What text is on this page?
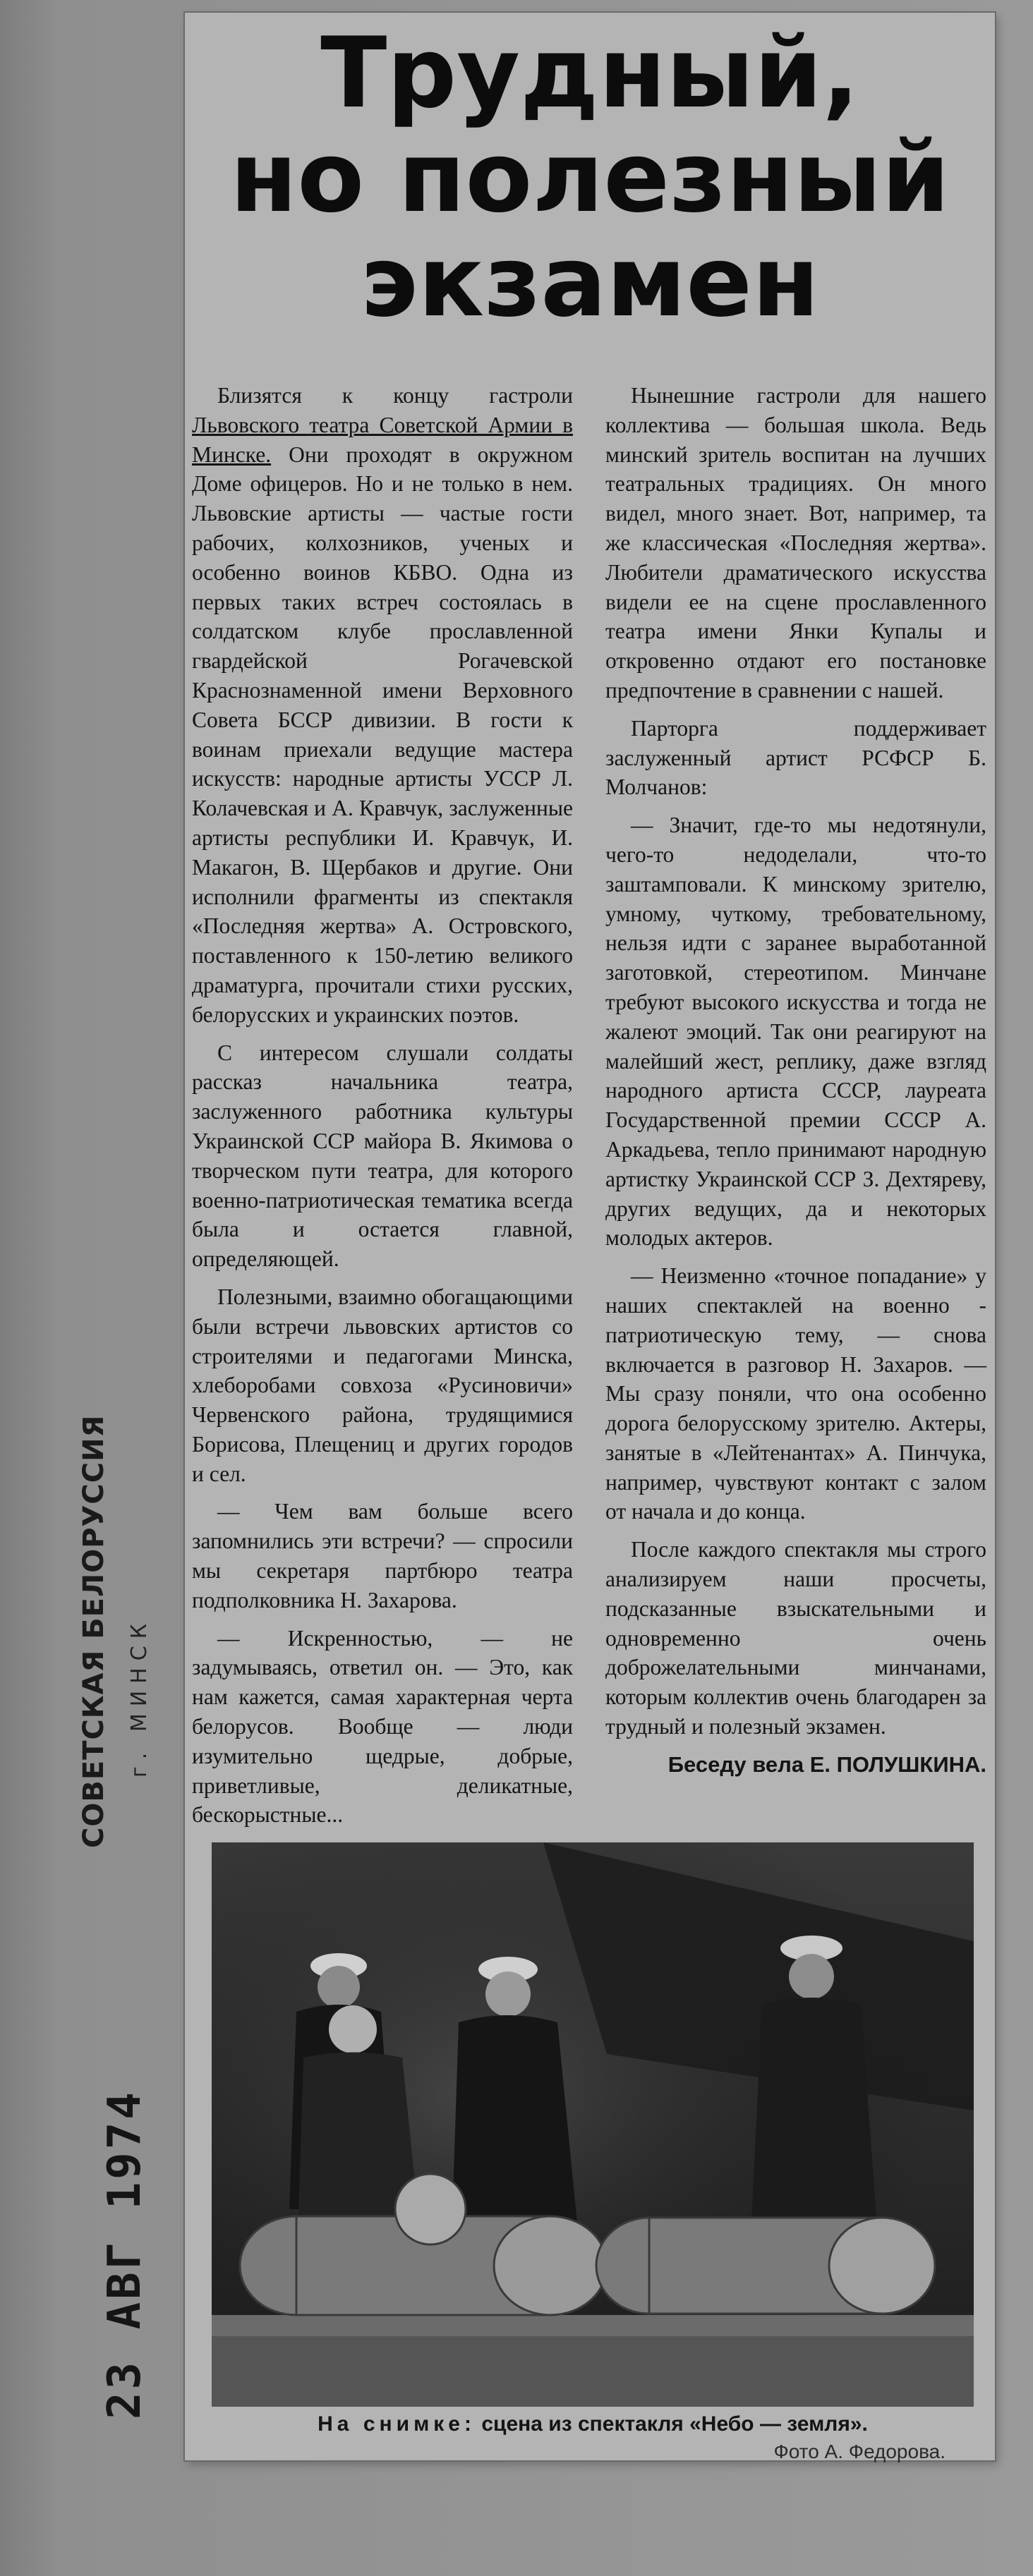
СОВЕТСКАЯ БЕЛОРУССИЯ г. МИНСК
23 АВГ 1974
Трудный,
но полезный
экзамен

Близятся к концу гастроли Львовского театра Советской Армии в Минске. Они проходят в окружном Доме офицеров. Но и не только в нем. Львовские артисты — частые гости рабочих, колхозников, ученых и особенно воинов КБВО. Одна из первых таких встреч состоялась в солдатском клубе прославленной гвардейской Рогачевской Краснознаменной имени Верховного Совета БССР дивизии. В гости к воинам приехали ведущие мастера искусств: народные артисты УССР Л. Колачевская и А. Кравчук, заслуженные артисты республики И. Кравчук, И. Макагон, В. Щербаков и другие. Они исполнили фрагменты из спектакля «Последняя жертва» А. Островского, поставленного к 150-летию великого драматурга, прочитали стихи русских, белорусских и украинских поэтов.

С интересом слушали солдаты рассказ начальника театра, заслуженного работника культуры Украинской ССР майора В. Якимова о творческом пути театра, для которого военно-патриотическая тематика всегда была и остается главной, определяющей.

Полезными, взаимно обогащающими были встречи львовских артистов со строителями и педагогами Минска, хлеборобами совхоза «Русиновичи» Червенского района, трудящимися Борисова, Плещениц и других городов и сел.

— Чем вам больше всего запомнились эти встречи? — спросили мы секретаря партбюро театра подполковника Н. Захарова.

— Искренностью, — не задумываясь, ответил он. — Это, как нам кажется, самая характерная черта белорусов. Вообще — люди изумительно щедрые, добрые, приветливые, деликатные, бескорыстные...

Нынешние гастроли для нашего коллектива — большая школа. Ведь минский зритель воспитан на лучших театральных традициях. Он много видел, много знает. Вот, например, та же классическая «Последняя жертва». Любители драматического искусства видели ее на сцене прославленного театра имени Янки Купалы и откровенно отдают его постановке предпочтение в сравнении с нашей.

Парторга поддерживает заслуженный артист РСФСР Б. Молчанов:

— Значит, где-то мы недотянули, чего-то недоделали, что-то заштамповали. К минскому зрителю, умному, чуткому, требовательному, нельзя идти с заранее выработанной заготовкой, стереотипом. Минчане требуют высокого искусства и тогда не жалеют эмоций. Так они реагируют на малейший жест, реплику, даже взгляд народного артиста СССР, лауреата Государственной премии СССР А. Аркадьева, тепло принимают народную артистку Украинской ССР З. Дехтяреву, других ведущих, да и некоторых молодых актеров.

— Неизменно «точное попадание» у наших спектаклей на военно - патриотическую тему, — снова включается в разговор Н. Захаров. — Мы сразу поняли, что она особенно дорога белорусскому зрителю. Актеры, занятые в «Лейтенантах» А. Пинчука, например, чувствуют контакт с залом от начала и до конца.

После каждого спектакля мы строго анализируем наши просчеты, подсказанные взыскательными и одновременно очень доброжелательными минчанами, которым коллектив очень благодарен за трудный и полезный экзамен.

Беседу вела Е. ПОЛУШКИНА.

На снимке: сцена из спектакля «Небо — земля».
Фото А. Федорова.
